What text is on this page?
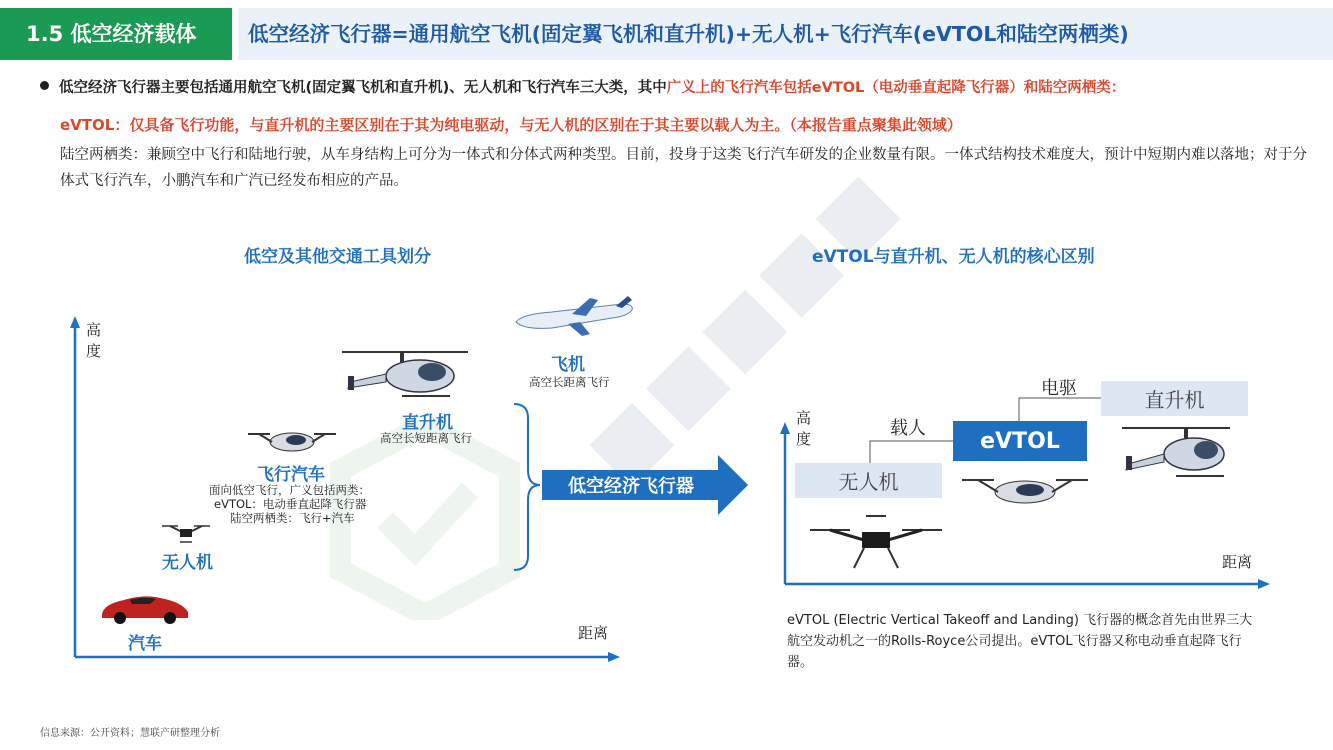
1.5 低空经济载体	低空经济飞行器=通用航空飞机(固定翼飞机和直升机)+无人机+飞行汽车(eVTOL和陆空两栖类)
低空经济飞行器主要包括通用航空飞机(固定翼飞机和直升机)、无人机和飞行汽车三大类，其中广义上的飞行汽车包括eVTOL（电动垂直起降飞行器）和陆空两栖类：
eVTOL：仅具备飞行功能，与直升机的主要区别在于其为纯电驱动，与无人机的区别在于其主要以载人为主。（本报告重点聚集此领域）
陆空两栖类：兼顾空中飞行和陆地行驶，从车身结构上可分为一体式和分体式两种类型。目前，投身于这类飞行汽车研发的企业数量有限。一体式结构技术难度大，预计中短期内难以落地；对于分体式飞行汽车，小鹏汽车和广汽已经发布相应的产品。
低空及其他交通工具划分
高度
距离
低空经济飞行器
飞机
高空长距离飞行
直升机
高空长短距离飞行
飞行汽车
面向低空飞行，广义包括两类：
eVTOL：电动垂直起降飞行器
陆空两栖类：飞行+汽车
无人机
汽车
eVTOL与直升机、无人机的核心区别
高度
距离
直升机
eVTOL
无人机
载人
电驱
eVTOL (Electric Vertical Takeoff and Landing) 飞行器的概念首先由世界三大航空发动机之一的Rolls-Royce公司提出。eVTOL飞行器又称电动垂直起降飞行器。
信息来源：公开资料；慧联产研整理分析
